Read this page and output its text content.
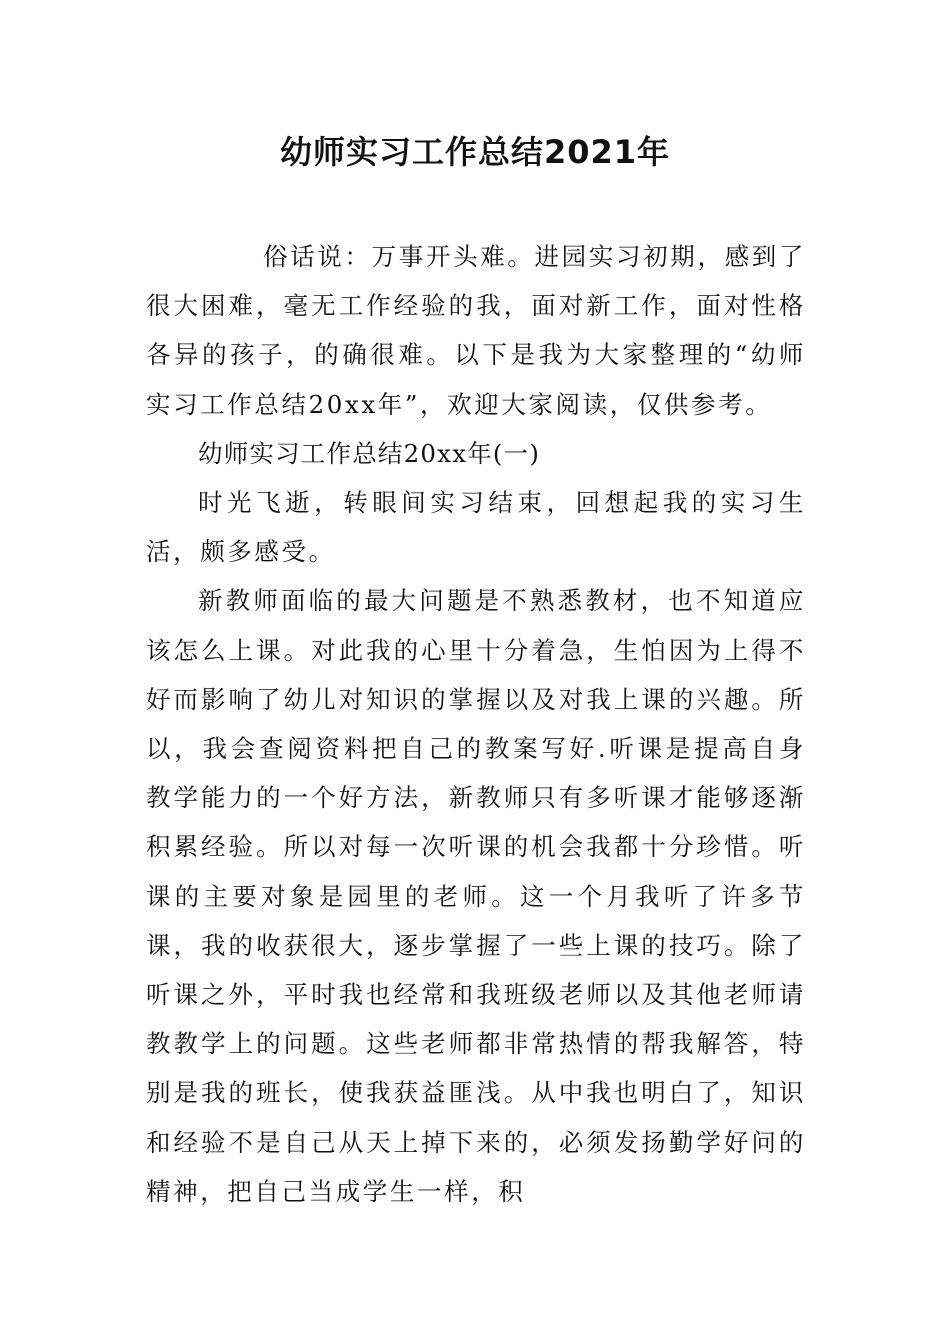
幼师实习工作总结2021年

俗话说：万事开头难。进园实习初期，感到了很大困难，毫无工作经验的我，面对新工作，面对性格各异的孩子，的确很难。以下是我为大家整理的“幼师实习工作总结20xx年”，欢迎大家阅读，仅供参考。

幼师实习工作总结20xx年(一)

时光飞逝，转眼间实习结束，回想起我的实习生活，颇多感受。

新教师面临的最大问题是不熟悉教材，也不知道应该怎么上课。对此我的心里十分着急，生怕因为上得不好而影响了幼儿对知识的掌握以及对我上课的兴趣。所以，我会查阅资料把自己的教案写好.听课是提高自身教学能力的一个好方法，新教师只有多听课才能够逐渐积累经验。所以对每一次听课的机会我都十分珍惜。听课的主要对象是园里的老师。这一个月我听了许多节课，我的收获很大，逐步掌握了一些上课的技巧。除了听课之外，平时我也经常和我班级老师以及其他老师请教教学上的问题。这些老师都非常热情的帮我解答，特别是我的班长，使我获益匪浅。从中我也明白了，知识和经验不是自己从天上掉下来的，必须发扬勤学好问的精神，把自己当成学生一样，积
